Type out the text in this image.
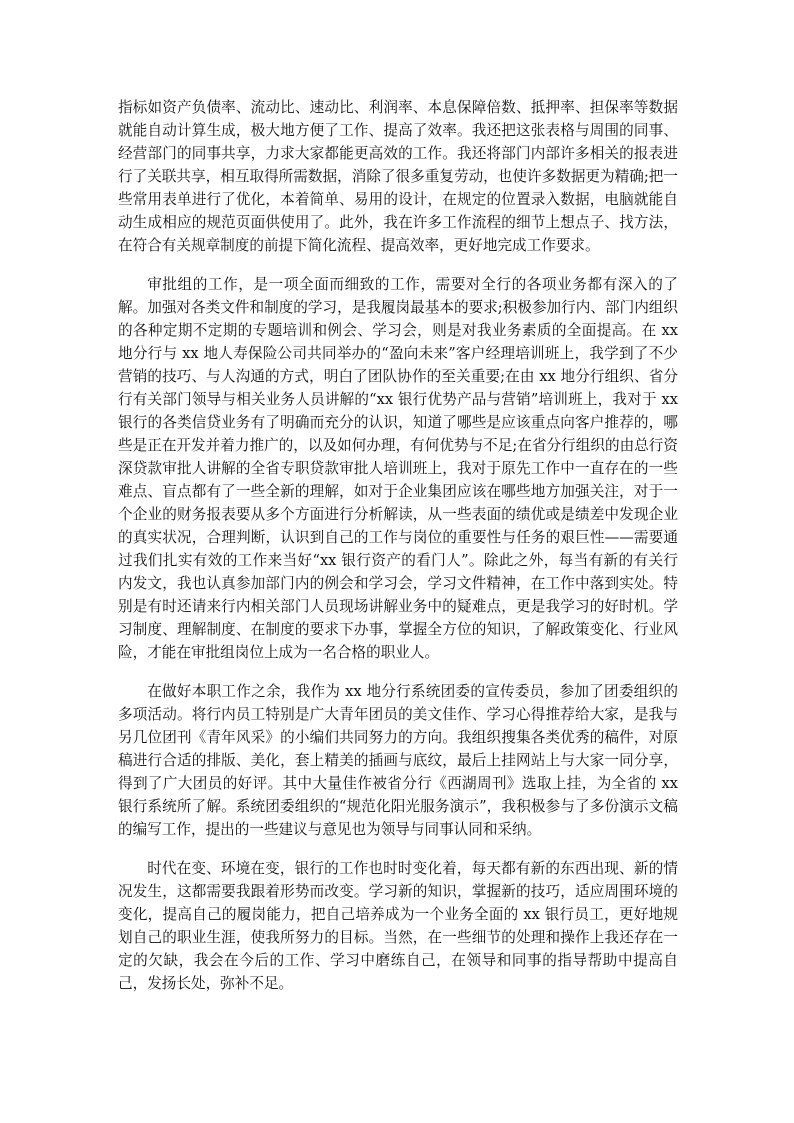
指标如资产负债率、流动比、速动比、利润率、本息保障倍数、抵押率、担保率等数据就能自动计算生成，极大地方便了工作、提高了效率。我还把这张表格与周围的同事、经营部门的同事共享，力求大家都能更高效的工作。我还将部门内部许多相关的报表进行了关联共享，相互取得所需数据，消除了很多重复劳动，也使许多数据更为精确;把一些常用表单进行了优化，本着简单、易用的设计，在规定的位置录入数据，电脑就能自动生成相应的规范页面供使用了。此外，我在许多工作流程的细节上想点子、找方法，在符合有关规章制度的前提下简化流程、提高效率，更好地完成工作要求。

审批组的工作，是一项全面而细致的工作，需要对全行的各项业务都有深入的了解。加强对各类文件和制度的学习，是我履岗最基本的要求;积极参加行内、部门内组织的各种定期不定期的专题培训和例会、学习会，则是对我业务素质的全面提高。在 xx 地分行与 xx 地人寿保险公司共同举办的“盈向未来”客户经理培训班上，我学到了不少营销的技巧、与人沟通的方式，明白了团队协作的至关重要;在由 xx 地分行组织、省分行有关部门领导与相关业务人员讲解的“xx 银行优势产品与营销”培训班上，我对于 xx 银行的各类信贷业务有了明确而充分的认识，知道了哪些是应该重点向客户推荐的，哪些是正在开发并着力推广的，以及如何办理，有何优势与不足;在省分行组织的由总行资深贷款审批人讲解的全省专职贷款审批人培训班上，我对于原先工作中一直存在的一些难点、盲点都有了一些全新的理解，如对于企业集团应该在哪些地方加强关注，对于一个企业的财务报表要从多个方面进行分析解读，从一些表面的绩优或是绩差中发现企业的真实状况，合理判断，认识到自己的工作与岗位的重要性与任务的艰巨性——需要通过我们扎实有效的工作来当好“xx 银行资产的看门人”。除此之外，每当有新的有关行内发文，我也认真参加部门内的例会和学习会，学习文件精神，在工作中落到实处。特别是有时还请来行内相关部门人员现场讲解业务中的疑难点，更是我学习的好时机。学习制度、理解制度、在制度的要求下办事，掌握全方位的知识，了解政策变化、行业风险，才能在审批组岗位上成为一名合格的职业人。

在做好本职工作之余，我作为 xx 地分行系统团委的宣传委员，参加了团委组织的多项活动。将行内员工特别是广大青年团员的美文佳作、学习心得推荐给大家，是我与另几位团刊《青年风采》的小编们共同努力的方向。我组织搜集各类优秀的稿件，对原稿进行合适的排版、美化，套上精美的插画与底纹，最后上挂网站上与大家一同分享，得到了广大团员的好评。其中大量佳作被省分行《西湖周刊》选取上挂，为全省的 xx 银行系统所了解。系统团委组织的“规范化阳光服务演示”，我积极参与了多份演示文稿的编写工作，提出的一些建议与意见也为领导与同事认同和采纳。

时代在变、环境在变，银行的工作也时时变化着，每天都有新的东西出现、新的情况发生，这都需要我跟着形势而改变。学习新的知识，掌握新的技巧，适应周围环境的变化，提高自己的履岗能力，把自己培养成为一个业务全面的 xx 银行员工，更好地规划自己的职业生涯，使我所努力的目标。当然，在一些细节的处理和操作上我还存在一定的欠缺，我会在今后的工作、学习中磨练自己，在领导和同事的指导帮助中提高自己，发扬长处，弥补不足。
